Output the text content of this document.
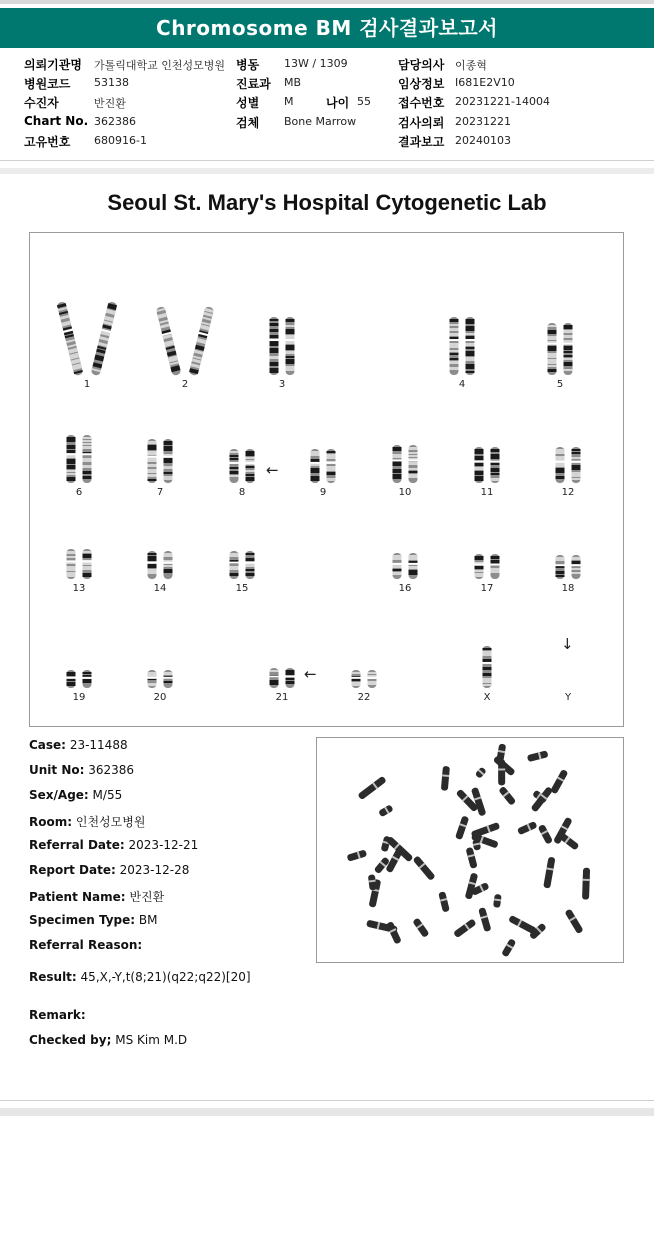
Chromosome BM 검사결과보고서
의뢰기관명 가톨릭대학교 인천성모병원 병동 13W / 1309	담당의사 이종혁
병원코드 53138	진료과 MB	임상정보 I681E2V10
수진자	반진환	성별 M	나이 55 접수번호 20231221-14004
Chart No. 362386	검체 Bone Marrow	검사의뢰 20231221
고유번호 680916-1	결과보고 20240103
Seoul St. Mary's Hospital Cytogenetic Lab
1	2	3	4	5
6	7	8	9	10	11	12
13	14	15	16	17	18
19	20	21	22	X	Y
←
←
↓
Case: 23-11488
Unit No: 362386
Sex/Age: M/55
Room: 인천성모병원
Referral Date: 2023-12-21
Report Date: 2023-12-28
Patient Name: 반진환
Specimen Type: BM
Referral Reason:
Result: 45,X,-Y,t(8;21)(q22;q22)[20]
Remark:
Checked by; MS Kim M.D
